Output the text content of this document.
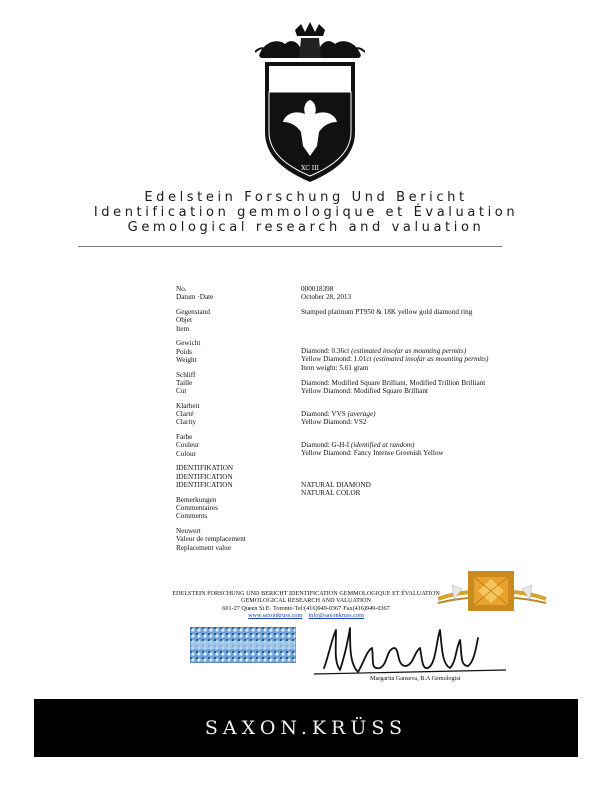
XC III
Edelstein Forschung Und Bericht
Identification gemmologique et Évaluation
Gemological research and valuation
No.
Datum ·Date
Gegenstand
Objet
Item
Gewicht
Poids
Weight
Schliff
Taille
Cut
Klarheit
Clarté
Clarity
Farbe
Couleur
Colour
IDENTIFIKATION
IDENTIFICATION
IDENTIFICATION
Bemerkungen
Commentaires
Comments
Neuwert
Valeur de remplacement
Replacement value
000018398
October 28, 2013
Stamped platinum PT950 & 18K yellow gold diamond ring
Diamond: 0.36ct (estimated insofar as mounting permits)
Yellow Diamond: 1.01ct (estimated insofar as mounting permits)
Item weight: 5.61 gram
Diamond: Modified Square Brilliant, Modified Trillion Brilliant
Yellow Diamond: Modified Square Brilliant
Diamond: VVS (average)
Yellow Diamond: VS2
Diamond: G-H-I (identified at random)
Yellow Diamond: Fancy Intense Greenish Yellow
NATURAL DIAMOND
NATURAL COLOR
EDELSTEIN FORSCHUNG UND BERICHT IDENTIFICATION GEMMOLOGIQUE ET ÉVALUATION
GEMOLOGICAL RESEARCH AND VALUATION
601-27 Queen St E· Toronto·Tel:(416)949-0367·Fax(416)949-0367
www.saxonkruss.com info@saxonkruss.com
Margarita Ganseva, B.A Gemologist
SAXON.KRÜSS
